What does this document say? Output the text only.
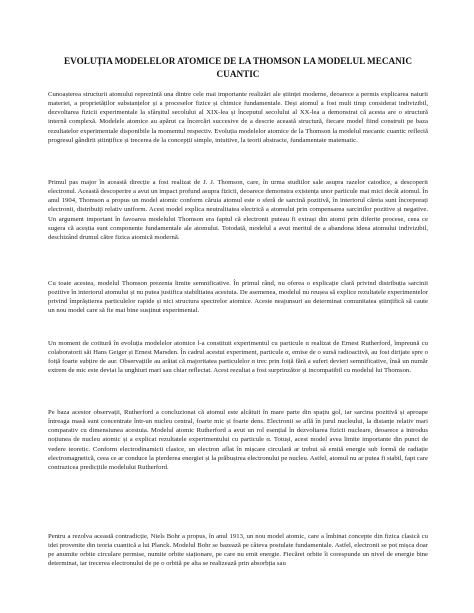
EVOLUȚIA MODELELOR ATOMICE DE LA THOMSON LA MODELUL MECANIC CUANTIC

Cunoașterea structurii atomului reprezintă una dintre cele mai importante realizări ale științei moderne, deoarece a permis explicarea naturii materiei, a proprietăților substanțelor și a proceselor fizice și chimice fundamentale. Deși atomul a fost mult timp considerat indivizibil, dezvoltarea fizicii experimentale la sfârșitul secolului al XIX-lea și începutul secolului al XX-lea a demonstrat că acesta are o structură internă complexă. Modelele atomice au apărut ca încercări succesive de a descrie această structură, fiecare model fiind construit pe baza rezultatelor experimentale disponibile la momentul respectiv. Evoluția modelelor atomice de la Thomson la modelul mecanic cuantic reflectă progresul gândirii științifice și trecerea de la concepții simple, intuitive, la teorii abstracte, fundamentate matematic.

Primul pas major în această direcție a fost realizat de J. J. Thomson, care, în urma studiilor sale asupra razelor catodice, a descoperit electronul. Această descoperire a avut un impact profund asupra fizicii, deoarece demonstra existența unor particule mai mici decât atomul. În anul 1904, Thomson a propus un model atomic conform căruia atomul este o sferă de sarcină pozitivă, în interiorul căreia sunt încorporați electronii, distribuiți relativ uniform. Acest model explica neutralitatea electrică a atomului prin compensarea sarcinilor pozitive și negative. Un argument important în favoarea modelului Thomson era faptul că electronii puteau fi extrași din atomi prin diferite procese, ceea ce sugera că aceștia sunt componente fundamentale ale atomului. Totodată, modelul a avut meritul de a abandona ideea atomului indivizibil, deschizând drumul către fizica atomică modernă.

Cu toate acestea, modelul Thomson prezenta limite semnificative. În primul rând, nu oferea o explicație clară privind distribuția sarcinii pozitive în interiorul atomului și nu putea justifica stabilitatea acestuia. De asemenea, modelul nu reușea să explice rezultatele experimentelor privind împrăștierea particulelor rapide și nici structura spectrelor atomice. Aceste neajunsuri au determinat comunitatea științifică să caute un nou model care să fie mai bine susținut experimental.

Un moment de cotitură în evoluția modelelor atomice l-a constituit experimentul cu particule α realizat de Ernest Rutherford, împreună cu colaboratorii săi Hans Geiger și Ernest Marsden. În cadrul acestui experiment, particule α, emise de o sursă radioactivă, au fost dirijate spre o foiță foarte subțire de aur. Observațiile au arătat că majoritatea particulelor α trec prin foiță fără a suferi devieri semnificative, însă un număr extrem de mic este deviat la unghiuri mari sau chiar reflectat. Acest rezultat a fost surprinzător și incompatibil cu modelul lui Thomson.

Pe baza acestor observații, Rutherford a concluzionat că atomul este alcătuit în mare parte din spațiu gol, iar sarcina pozitivă și aproape întreaga masă sunt concentrate într-un nucleu central, foarte mic și foarte dens. Electronii se află în jurul nucleului, la distanțe relativ mari comparativ cu dimensiunea acestuia. Modelul atomic Rutherford a avut un rol esențial în dezvoltarea fizicii nucleare, deoarece a introdus noțiunea de nucleu atomic și a explicat rezultatele experimentului cu particule α. Totuși, acest model avea limite importante din punct de vedere teoretic. Conform electrodinamicii clasice, un electron aflat în mișcare circulară ar trebui să emită energie sub formă de radiație electromagnetică, ceea ce ar conduce la pierderea energiei și la prăbușirea electronului pe nucleu. Astfel, atomul nu ar putea fi stabil, fapt care contrazicea predicțiile modelului Rutherford.

Pentru a rezolva această contradicție, Niels Bohr a propus, în anul 1913, un nou model atomic, care a îmbinat concepte din fizica clasică cu idei provenite din teoria cuantică a lui Planck. Modelul Bohr se bazează pe câteva postulate fundamentale. Astfel, electronii se pot mișca doar pe anumite orbite circulare permise, numite orbite staționare, pe care nu emit energie. Fiecărei orbite îi corespunde un nivel de energie bine determinat, iar trecerea electronului de pe o orbită pe alta se realizează prin absorbția sau
